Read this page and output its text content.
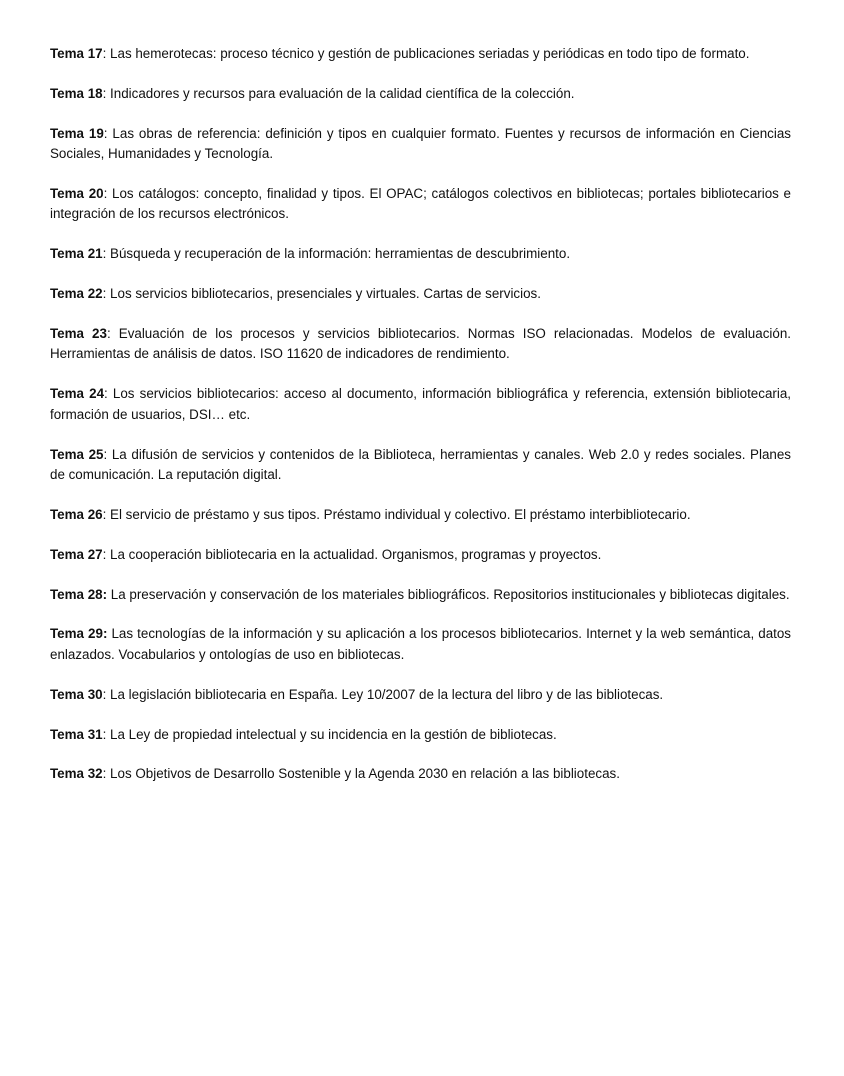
Tema 17: Las hemerotecas: proceso técnico y gestión de publicaciones seriadas y periódicas en todo tipo de formato.

Tema 18: Indicadores y recursos para evaluación de la calidad científica de la colección.

Tema 19: Las obras de referencia: definición y tipos en cualquier formato. Fuentes y recursos de información en Ciencias Sociales, Humanidades y Tecnología.

Tema 20: Los catálogos: concepto, finalidad y tipos. El OPAC; catálogos colectivos en bibliotecas; portales bibliotecarios e integración de los recursos electrónicos.

Tema 21: Búsqueda y recuperación de la información: herramientas de descubrimiento.

Tema 22: Los servicios bibliotecarios, presenciales y virtuales. Cartas de servicios.

Tema 23: Evaluación de los procesos y servicios bibliotecarios. Normas ISO relacionadas. Modelos de evaluación. Herramientas de análisis de datos. ISO 11620 de indicadores de rendimiento.

Tema 24: Los servicios bibliotecarios: acceso al documento, información bibliográfica y referencia, extensión bibliotecaria, formación de usuarios, DSI… etc.

Tema 25: La difusión de servicios y contenidos de la Biblioteca, herramientas y canales. Web 2.0 y redes sociales. Planes de comunicación. La reputación digital.

Tema 26: El servicio de préstamo y sus tipos. Préstamo individual y colectivo. El préstamo interbibliotecario.

Tema 27: La cooperación bibliotecaria en la actualidad. Organismos, programas y proyectos.

Tema 28: La preservación y conservación de los materiales bibliográficos. Repositorios institucionales y bibliotecas digitales.

Tema 29: Las tecnologías de la información y su aplicación a los procesos bibliotecarios. Internet y la web semántica, datos enlazados. Vocabularios y ontologías de uso en bibliotecas.

Tema 30: La legislación bibliotecaria en España. Ley 10/2007 de la lectura del libro y de las bibliotecas.

Tema 31: La Ley de propiedad intelectual y su incidencia en la gestión de bibliotecas.

Tema 32: Los Objetivos de Desarrollo Sostenible y la Agenda 2030 en relación a las bibliotecas.
